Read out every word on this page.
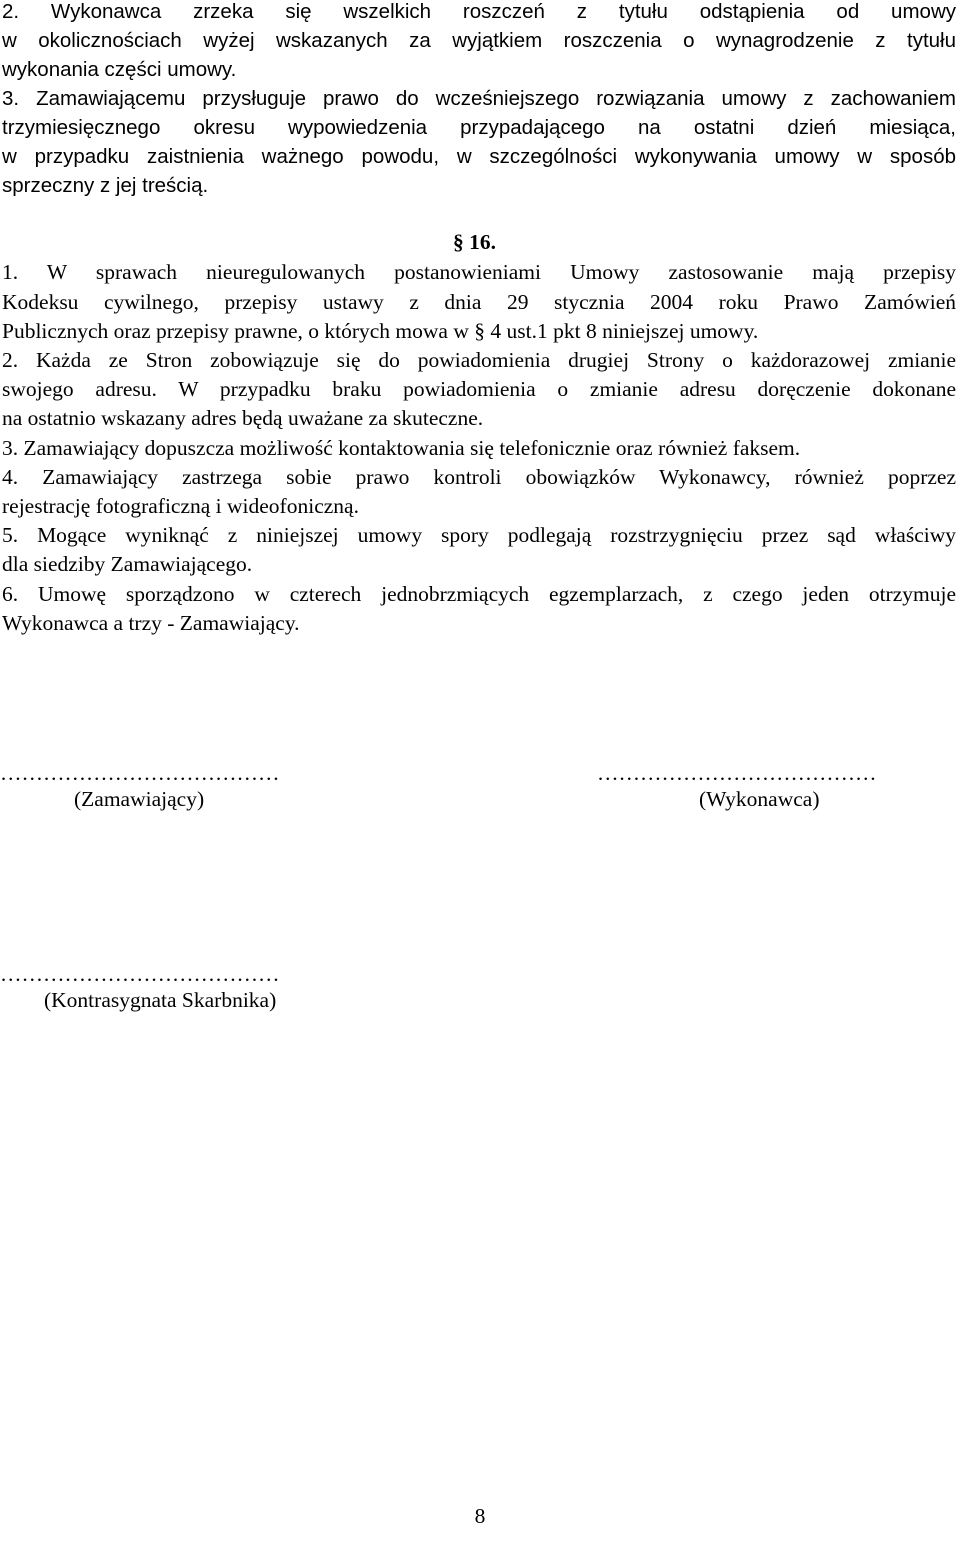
2. Wykonawca zrzeka się wszelkich roszczeń z tytułu odstąpienia od umowy

w okolicznościach wyżej wskazanych za wyjątkiem roszczenia o wynagrodzenie z tytułu

wykonania części umowy.

3. Zamawiającemu przysługuje prawo do wcześniejszego rozwiązania umowy z zachowaniem

trzymiesięcznego okresu wypowiedzenia przypadającego na ostatni dzień miesiąca,

w przypadku zaistnienia ważnego powodu, w szczególności wykonywania umowy w sposób

sprzeczny z jej treścią.

§ 16.

1. W sprawach nieuregulowanych postanowieniami Umowy zastosowanie mają przepisy

Kodeksu cywilnego, przepisy ustawy z dnia 29 stycznia 2004 roku Prawo Zamówień

Publicznych oraz przepisy prawne, o których mowa w § 4 ust.1 pkt 8 niniejszej umowy.

2. Każda ze Stron zobowiązuje się do powiadomienia drugiej Strony o każdorazowej zmianie

swojego adresu. W przypadku braku powiadomienia o zmianie adresu doręczenie dokonane

na ostatnio wskazany adres będą uważane za skuteczne.

3. Zamawiający dopuszcza możliwość kontaktowania się telefonicznie oraz również faksem.

4. Zamawiający zastrzega sobie prawo kontroli obowiązków Wykonawcy, również poprzez

rejestrację fotograficzną i wideofoniczną.

5. Mogące wyniknąć z niniejszej umowy spory podlegają rozstrzygnięciu przez sąd właściwy

dla siedziby Zamawiającego.

6. Umowę sporządzono w czterech jednobrzmiących egzemplarzach, z czego jeden otrzymuje

Wykonawca a trzy - Zamawiający.

…………………………………
(Zamawiający)
…………………………………
(Wykonawca)
…………………………………
(Kontrasygnata Skarbnika)
8
